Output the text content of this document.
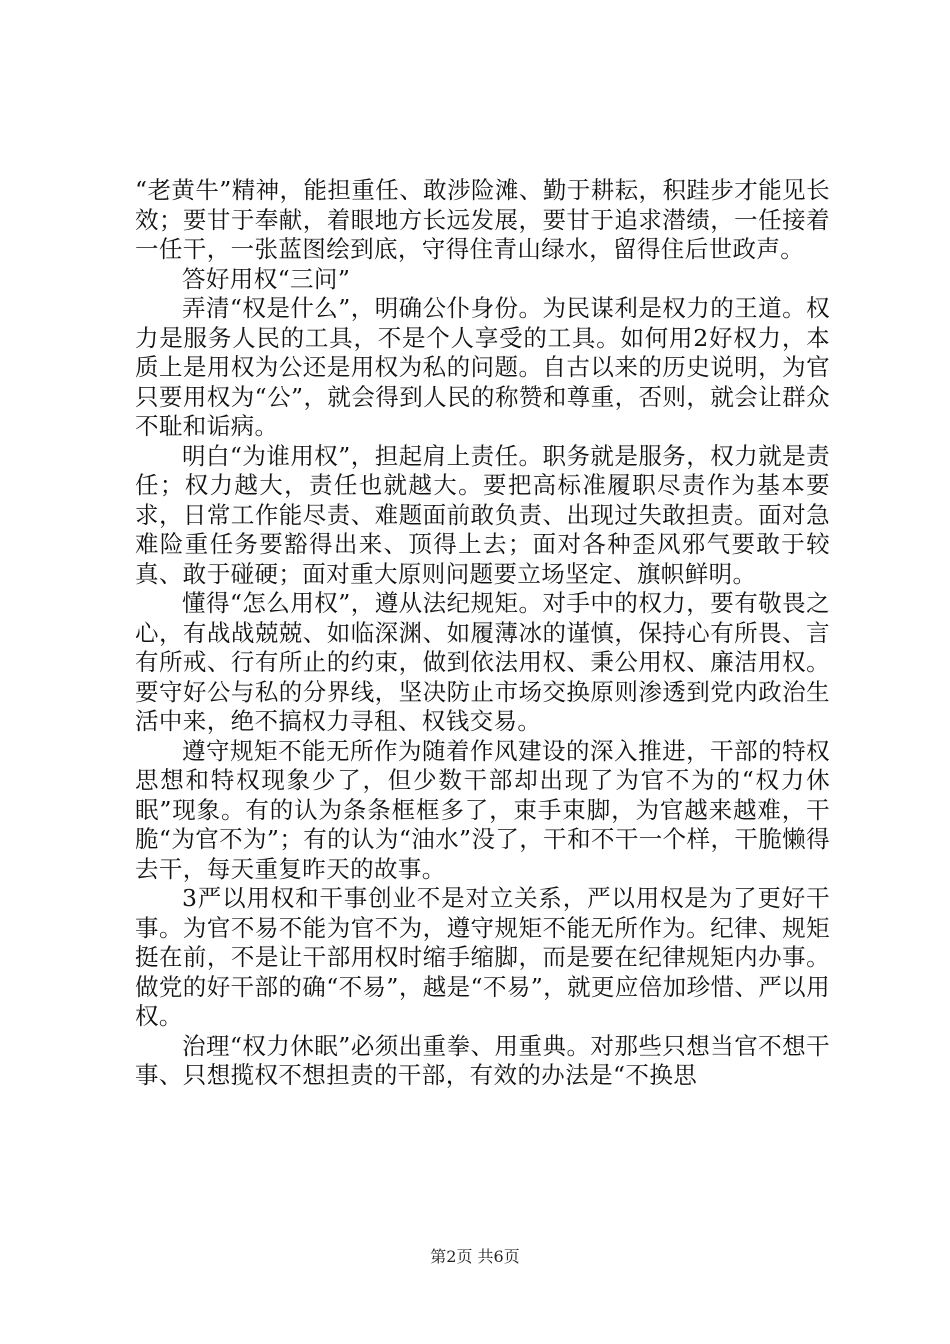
“老黄牛”精神，能担重任、敢涉险滩、勤于耕耘，积跬步才能见长效；要甘于奉献，着眼地方长远发展，要甘于追求潜绩，一任接着一任干，一张蓝图绘到底，守得住青山绿水，留得住后世政声。

答好用权“三问”

弄清“权是什么”，明确公仆身份。为民谋利是权力的王道。权力是服务人民的工具，不是个人享受的工具。如何用2好权力，本质上是用权为公还是用权为私的问题。自古以来的历史说明，为官只要用权为“公”，就会得到人民的称赞和尊重，否则，就会让群众不耻和诟病。

明白“为谁用权”，担起肩上责任。职务就是服务，权力就是责任；权力越大，责任也就越大。要把高标准履职尽责作为基本要求，日常工作能尽责、难题面前敢负责、出现过失敢担责。面对急难险重任务要豁得出来、顶得上去；面对各种歪风邪气要敢于较真、敢于碰硬；面对重大原则问题要立场坚定、旗帜鲜明。

懂得“怎么用权”，遵从法纪规矩。对手中的权力，要有敬畏之心，有战战兢兢、如临深渊、如履薄冰的谨慎，保持心有所畏、言有所戒、行有所止的约束，做到依法用权、秉公用权、廉洁用权。要守好公与私的分界线，坚决防止市场交换原则渗透到党内政治生活中来，绝不搞权力寻租、权钱交易。

遵守规矩不能无所作为随着作风建设的深入推进，干部的特权思想和特权现象少了，但少数干部却出现了为官不为的“权力休眠”现象。有的认为条条框框多了，束手束脚，为官越来越难，干脆“为官不为”；有的认为“油水”没了，干和不干一个样，干脆懒得去干，每天重复昨天的故事。

3严以用权和干事创业不是对立关系，严以用权是为了更好干事。为官不易不能为官不为，遵守规矩不能无所作为。纪律、规矩挺在前，不是让干部用权时缩手缩脚，而是要在纪律规矩内办事。做党的好干部的确“不易”，越是“不易”，就更应倍加珍惜、严以用权。

治理“权力休眠”必须出重拳、用重典。对那些只想当官不想干事、只想揽权不想担责的干部，有效的办法是“不换思

第2页 共6页
